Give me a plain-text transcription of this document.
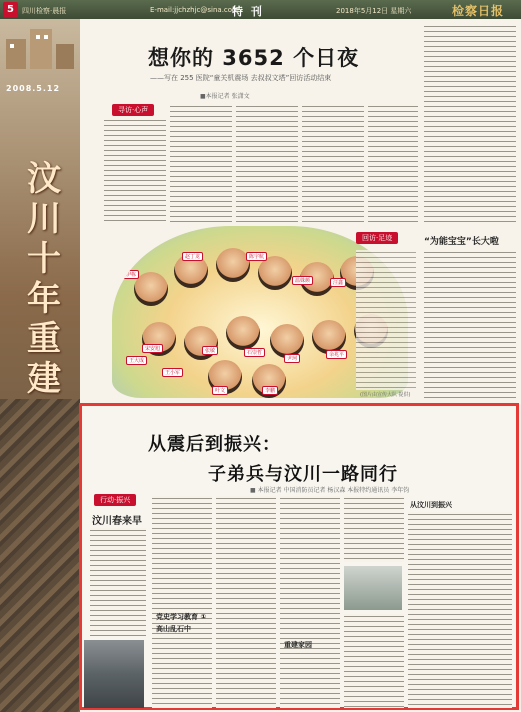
5	四川检察·晨报	E-mail:jjchzhjc@sina.com
特 刊	2018年5月12日 星期六	检察日报
2008.5.12
汶川十年重建
想你的 3652 个日夜
——写在 255 医院“童关机震场 去叔叔文塔”回访活动结束
■本报记者 张潇文
寻访·心声
赵伊栋
赵丁龙	陈宇航
温姝颜	汪鑫
宋安旭
王大成
王小军
张敏	石崇哲
尹珂
余兆平
叶文	李鹏
回访·足迹	“为能宝宝”长大啦
(图片由宣传大队 提供)
从震后到振兴：
子弟兵与汶川一路同行
■ 本报记者 中国消防员记者 杨汉森 本报特约通讯员 李年钧
行动·振兴
汶川春来早
党史学习教育 ①
高山乱石中
重建家园
从汶川到振兴
